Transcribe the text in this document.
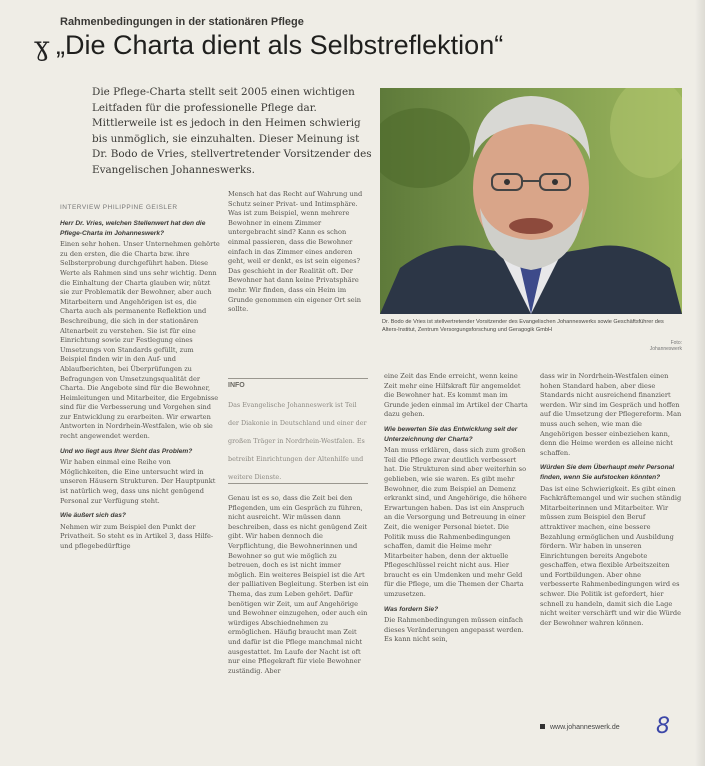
Rahmenbedingungen in der stationären Pflege
ɣ „Die Charta dient als Selbstreflektion“
Die Pflege-Charta stellt seit 2005 einen wichtigen Leitfaden für die professionelle Pflege dar. Mittlerweile ist es jedoch in den Heimen schwierig bis unmöglich, sie einzuhalten. Dieser Meinung ist Dr. Bodo de Vries, stellvertretender Vorsitzender des Evangelischen Johanneswerks.
INTERVIEW PHILIPPINE GEISLER
Dr. Bodo de Vries ist stellvertretender Vorsitzender des Evangelischen Johanneswerks sowie Geschäftsführer des Alters-Institut, Zentrum Versorgungsforschung und Geragogik GmbH
Foto: Johanneswerk
Herr Dr. Vries, welchen Stellenwert hat den die Pflege-Charta im Johanneswerk?
Einen sehr hohen. Unser Unternehmen gehörte zu den ersten, die die Charta bzw. ihre Selbsterprobung durchgeführt haben. Diese Werte als Rahmen sind uns sehr wichtig. Denn die Einhaltung der Charta glauben wir, nützt sie zur Problematik der Bewohner, aber auch Mitarbeitern und Angehörigen ist es, die Charta auch als permanente Reflektion und Beschreibung, die sich in der stationären Altenarbeit zu verstehen. Sie ist für eine Einrichtung sowie zur Festlegung eines Umsetzungs von Standards gefüllt, zum Beispiel finden wir in den Auf- und Ablaufberichten, bei Überprüfungen zu Befragungen von Umsetzungsqualität der Charta. Die Angebote sind für die Bewohner, Heimleitungen und Mitarbeiter, die Ergebnisse sind für die Verbesserung und Vorgehen sind zur Entwicklung zu erarbeiten. Wir erwarten Antworten in Nordrhein-Westfalen, wie ob sie recht angewendet werden.
Und wo liegt aus Ihrer Sicht das Problem?
Wir haben einmal eine Reihe von Möglichkeiten, die Eine untersucht wird in unseren Häusern Strukturen. Der Hauptpunkt ist natürlich weg, dass uns nicht genügend Personal zur Verfügung steht.
Wie äußert sich das?
Nehmen wir zum Beispiel den Punkt der Privatheit. So steht es in Artikel 3, dass Hilfe- und pflegebedürftige
Mensch hat das Recht auf Wahrung und Schutz seiner Privat- und Intimsphäre. Was ist zum Beispiel, wenn mehrere Bewohner in einem Zimmer untergebracht sind? Kann es schon einmal passieren, dass die Bewohner einfach in das Zimmer eines anderen geht, weil er denkt, es ist sein eigenes? Das geschieht in der Realität oft. Der Bewohner hat dann keine Privatsphäre mehr. Wir finden, dass ein Heim im Grunde genommen ein eigener Ort sein sollte.
INFO
Das Evangelische Johanneswerk ist Teil der Diakonie in Deutschland und einer der großen Träger in Nordrhein-Westfalen. Es betreibt Einrichtungen der Altenhilfe und weitere Dienste.
Genau ist es so, dass die Zeit bei den Pflegenden, um ein Gespräch zu führen, nicht ausreicht. Wir müssen dann beschreiben, dass es nicht genügend Zeit gibt. Wir haben dennoch die Verpflichtung, die Bewohnerinnen und Bewohner so gut wie möglich zu betreuen, doch es ist nicht immer möglich. Ein weiteres Beispiel ist die Art der palliativen Begleitung. Sterben ist ein Thema, das zum Leben gehört. Dafür benötigen wir Zeit, um auf Angehörige und Bewohner einzugehen, oder auch ein würdiges Abschiednehmen zu ermöglichen. Häufig braucht man Zeit und dafür ist die Pflege manchmal nicht ausgestattet. Im Laufe der Nacht ist oft nur eine Pflegekraft für viele Bewohner zuständig. Aber
eine Zeit das Ende erreicht, wenn keine Zeit mehr eine Hilfskraft für angemeldet die Bewohner hat. Es kommt man im Grunde jeden einmal im Artikel der Charta dazu gehen.
Wie bewerten Sie das Entwicklung seit der Unterzeichnung der Charta?
Man muss erklären, dass sich zum großen Teil die Pflege zwar deutlich verbessert hat. Die Strukturen sind aber weiterhin so geblieben, wie sie waren. Es gibt mehr Bewohner, die zum Beispiel an Demenz erkrankt sind, und Angehörige, die höhere Erwartungen haben. Das ist ein Anspruch an die Versorgung und Betreuung in einer Zeit, die weniger Personal bietet. Die Politik muss die Rahmenbedingungen schaffen, damit die Heime mehr Mitarbeiter haben, denn der aktuelle Pflegeschlüssel reicht nicht aus. Hier braucht es ein Umdenken und mehr Geld für die Pflege, um die Themen der Charta umzusetzen.
Was fordern Sie?
Die Rahmenbedingungen müssen einfach dieses Veränderungen angepasst werden. Es kann nicht sein,
dass wir in Nordrhein-Westfalen einen hohen Standard haben, aber diese Standards nicht ausreichend finanziert werden. Wir sind im Gespräch und hoffen auf die Umsetzung der Pflegereform. Man muss auch sehen, wie man die Angehörigen besser einbeziehen kann, denn die Heime werden es alleine nicht schaffen.
Würden Sie dem Überhaupt mehr Personal finden, wenn Sie aufstocken könnten?
Das ist eine Schwierigkeit. Es gibt einen Fachkräftemangel und wir suchen ständig Mitarbeiterinnen und Mitarbeiter. Wir müssen zum Beispiel den Beruf attraktiver machen, eine bessere Bezahlung ermöglichen und Ausbildung fördern. Wir haben in unseren Einrichtungen bereits Angebote geschaffen, etwa flexible Arbeitszeiten und Fortbildungen. Aber ohne verbesserte Rahmenbedingungen wird es schwer. Die Politik ist gefordert, hier schnell zu handeln, damit sich die Lage nicht weiter verschärft und wir die Würde der Bewohner wahren können.
www.johanneswerk.de 8
